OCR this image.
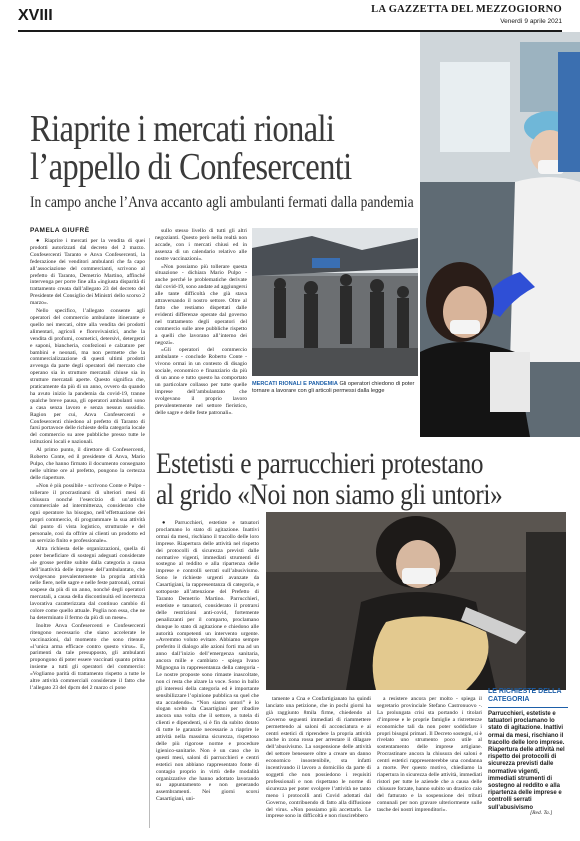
XVIII	LA GAZZETTA DEL MEZZOGIORNO
Venerdì 9 aprile 2021
Riaprite i mercati rionali
l’appello di Confesercenti
In campo anche l’Anva accanto agli ambulanti fermati dalla pandemia
PAMELA GIUFRÈ

● Riaprire i mercati per la vendita di quei prodotti autorizzati dal decreto del 2 marzo. Confesercenti Taranto e Anva Confesercenti, la federazione dei venditori ambulanti che fa capo all’associazione del commercianti, scrivono al prefetto di Taranto, Demetrio Martino, affinché intervenga per porre fine alla «ingiusta disparità di trattamento creata dall’allegato 23 del decreto del Presidente del Consiglio dei Ministri dello scorso 2 marzo».

Nello specifico, l’allegato consente agli operatori del commercio ambulante itinerante e quello nei mercati, oltre alla vendita dei prodotti alimentari, agricoli e florovivaistici, anche la vendita di profumi, cosmetici, detersivi, detergenti e saponi, biancheria, confezioni e calzature per bambini e neonati, ma non permette che la commercializzazione di questi ultimi prodotti avvenga da parte degli operatori del mercato che operano sia in strutture mercatali chiuse sia in strutture mercatali aperte. Questo significa che, praticamente da più di un anno, ovvero da quando ha avuto inizio la pandemia da covid-19, tranne qualche breve pausa, gli operatori ambulanti sono a casa senza lavoro e senza nessun sussidio. Ragion per cui, Anva Confesercenti e Confesercenti chiedono al prefetto di Taranto di farsi portavoce delle richieste della categoria locale del commercio su aree pubbliche presso tutte le istituzioni locali e nazionali.

Al primo punto, il direttore di Confesercenti, Roberto Conte, ed il presidente di Anva, Mario Pulpo, che hanno firmato il documento consegnato nelle ultime ore al prefetto, pongono la certezza delle riaperture.

«Non è più possibile - scrivono Conte e Pulpo - tollerare il procrastinarsi di ulteriori mesi di chiusura nonché l’esercizio di un’attività commerciale ad intermittenza, considerato che ogni operatore ha bisogno, nell’effettuazione dei propri commercio, di programmare la sua attività dal punto di vista logistico, strutturale e del personale, così da offrire ai clienti un prodotto ed un servizio finito e professionale».

Altra richiesta delle organizzazioni, quella di poter beneficiare di sostegni adeguati considerate «le grosse perdite subite dalla categoria a causa dell’inattività delle imprese dell’ambulantato, che svolgevano prevalentemente la propria attività nelle fiere, nelle sagre e nelle feste patronali, ormai sospese da più di un anno, nonché degli operatori mercatali, a causa della discontinuità ed incertezza lavorativa caratterizzata dal continuo cambio di colore come quello attuale. Poglia non essa, che ne ha determinato il fermo da più di un mese».

Inoltre Anva Confesercenti e Confesercenti ritengono necessario che siano accelerate le vaccinazioni, dal momento che sono ritenute «l’unica arma efficace contro questo virus». E, parimenti da tale presupposto, gli ambulanti propongono di poter essere vaccinati quanto prima insieme a tutti gli operatori del commercio: «Vogliamo parità di trattamento rispetto a tutte le altre attività commerciali considerate il fatto che l’allegato 23 del dpcm del 2 marzo ci pone

sullo stesso livello di tutti gli altri negozianti. Questo però nella realtà non accade, con i mercati chiusi ed in assenza di un calendario relativo alle nostre vaccinazioni».

«Non possiamo più tollerare questa situazione - dichiara Mario Pulpo - anche perché le problematiche derivate dal covid-19, sono andate ad aggiungersi alle tante difficoltà che già stava attraversando il nostro settore. Oltre al fatto che restiamo dispettati dalle evidenti differenze operate dal governo nel trattamento degli operatori del commercio sulle aree pubbliche rispetto a quelli che lavorano all’interno dei negozi».

«Gli operatori del commercio ambulante - conclude Roberto Conte - vivono ormai in un contesto di disagio sociale, economico e finanziario da più di un anno e tutto questo ha comportato un particolare collasso per tutte quelle imprese dell’ambulantato che svolgevano il proprio lavoro prevalentemente nel settore fieristico, delle sagre e delle feste patronali».

MERCATI RIONALI E PANDEMIA Gli operatori chiedono di poter tornare a lavorare con gli articoli permessi dalla legge
Estetisti e parrucchieri protestano
al grido «Noi non siamo gli untori»

● Parrucchieri, estetiste e tatuatori proclamano lo stato di agitazione. Inattivi ormai da mesi, rischiano il tracollo delle loro imprese. Riapertura delle attività nel rispetto dei protocolli di sicurezza previsti dalle normative vigenti, immediati strumenti di sostegno al reddito e alla ripartenza delle imprese e controlli serrati sull’abusivismo. Sono le richieste urgenti avanzate da Casartigiani, la rappresentanza di categoria, e sottoposte all’attenzione del Prefetto di Taranto Demetrio Martino. Parrucchieri, estetiste e tatuatori, considerato il protrarsi delle restrizioni anti-covid, fortemente penalizzanti per il comparto, proclamano dunque lo stato di agitazione e chiedono alle autorità competenti un intervento urgente. «Avremmo voluto evitare. Abbiamo sempre preferito il dialogo alle azioni forti ma ad un anno dall’inizio dell’emergenza sanitaria, ancora mille e cambiato - spiega Ivano Mignogna in rappresentanza della categoria - Le nostre proposte sono rimaste inascoltate, non ci resta che alzare la voce. Sono in ballo gli interessi della categoria ed è importante sensibilizzare l’opinione pubblica su quel che sta accadendo». “Non siamo untori” è lo slogan scelto da Casartigiani per ribadire ancora una volta che il settore, a tutela di clienti e dipendenti, si è fin da subito dotato di tutte le garanzie necessarie a riaprire le attività nella massima sicurezza, rispettoso delle più rigorose norme e procedure igienico-sanitarie. Non è un caso che in questi mesi, saloni di parrucchieri e centri estetici non abbiano rappresentato fonte di contagio proprio in virtù delle modalità organizzative che hanno adottato lavorando su appuntamento e non generando assembramenti. Nei giorni scorsi Casartigiani, uni-

tamente a Cna e Confartigianato ha quindi lanciato una petizione, che in pochi giorni ha già raggiunto 8mila firme, chiedendo al Governo seguenti immediati di riammettere permettendo ai saloni di acconciatura e ai centri estetici di riprendere la propria attività anche in zona rossa per arrestare il dilagare dell’abusivismo. La sospensione delle attività del settore benessere oltre a creare un danno economico insostenibile, sta infatti incentivando il lavoro a domicilio da parte di soggetti che non possiedono i requisiti professionali e non rispettano le norme di sicurezza per poter svolgere l’attività ne tanto meno i protocolli anti Covid adottati dal Governo, contribuendo di fatto alla diffusione del virus. «Non possiamo più accettarlo. Le imprese sono in difficoltà e non riuscirebbero

a resistere ancora per molto - spiega il segretario provinciale Stefano Castronuovo -. La prolungata crisi sta portando i titolari d’imprese e le proprie famiglie a ristrettezze economiche tali da non poter soddisfare i propri bisogni primari. Il Decreto sostegni, si è rivelato uno strumento poco utile al sostentamento delle imprese artigiane. Procrastinare ancora la chiusura dei saloni e centri estetici rappresenterebbe una condanna a morte. Per questo motivo, chiediamo la riapertura in sicurezza delle attività, immediati ristori per tutte le aziende che a causa delle chiusure forzate, hanno subito un drastico calo del fatturato e la sospensione dei tributi comunali per non gravare ulteriormente sulle tasche dei nostri imprenditori».

LE RICHIESTE DELLA CATEGORIA
Parrucchieri, estetiste e tatuatori proclamano lo stato di agitazione. Inattivi ormai da mesi, rischiano il tracollo delle loro imprese. Riapertura delle attività nel rispetto dei protocolli di sicurezza previsti dalle normative vigenti, immediati strumenti di sostegno al reddito e alla ripartenza delle imprese e controlli serrati sull’abusivismo
[Red. Ta.]
